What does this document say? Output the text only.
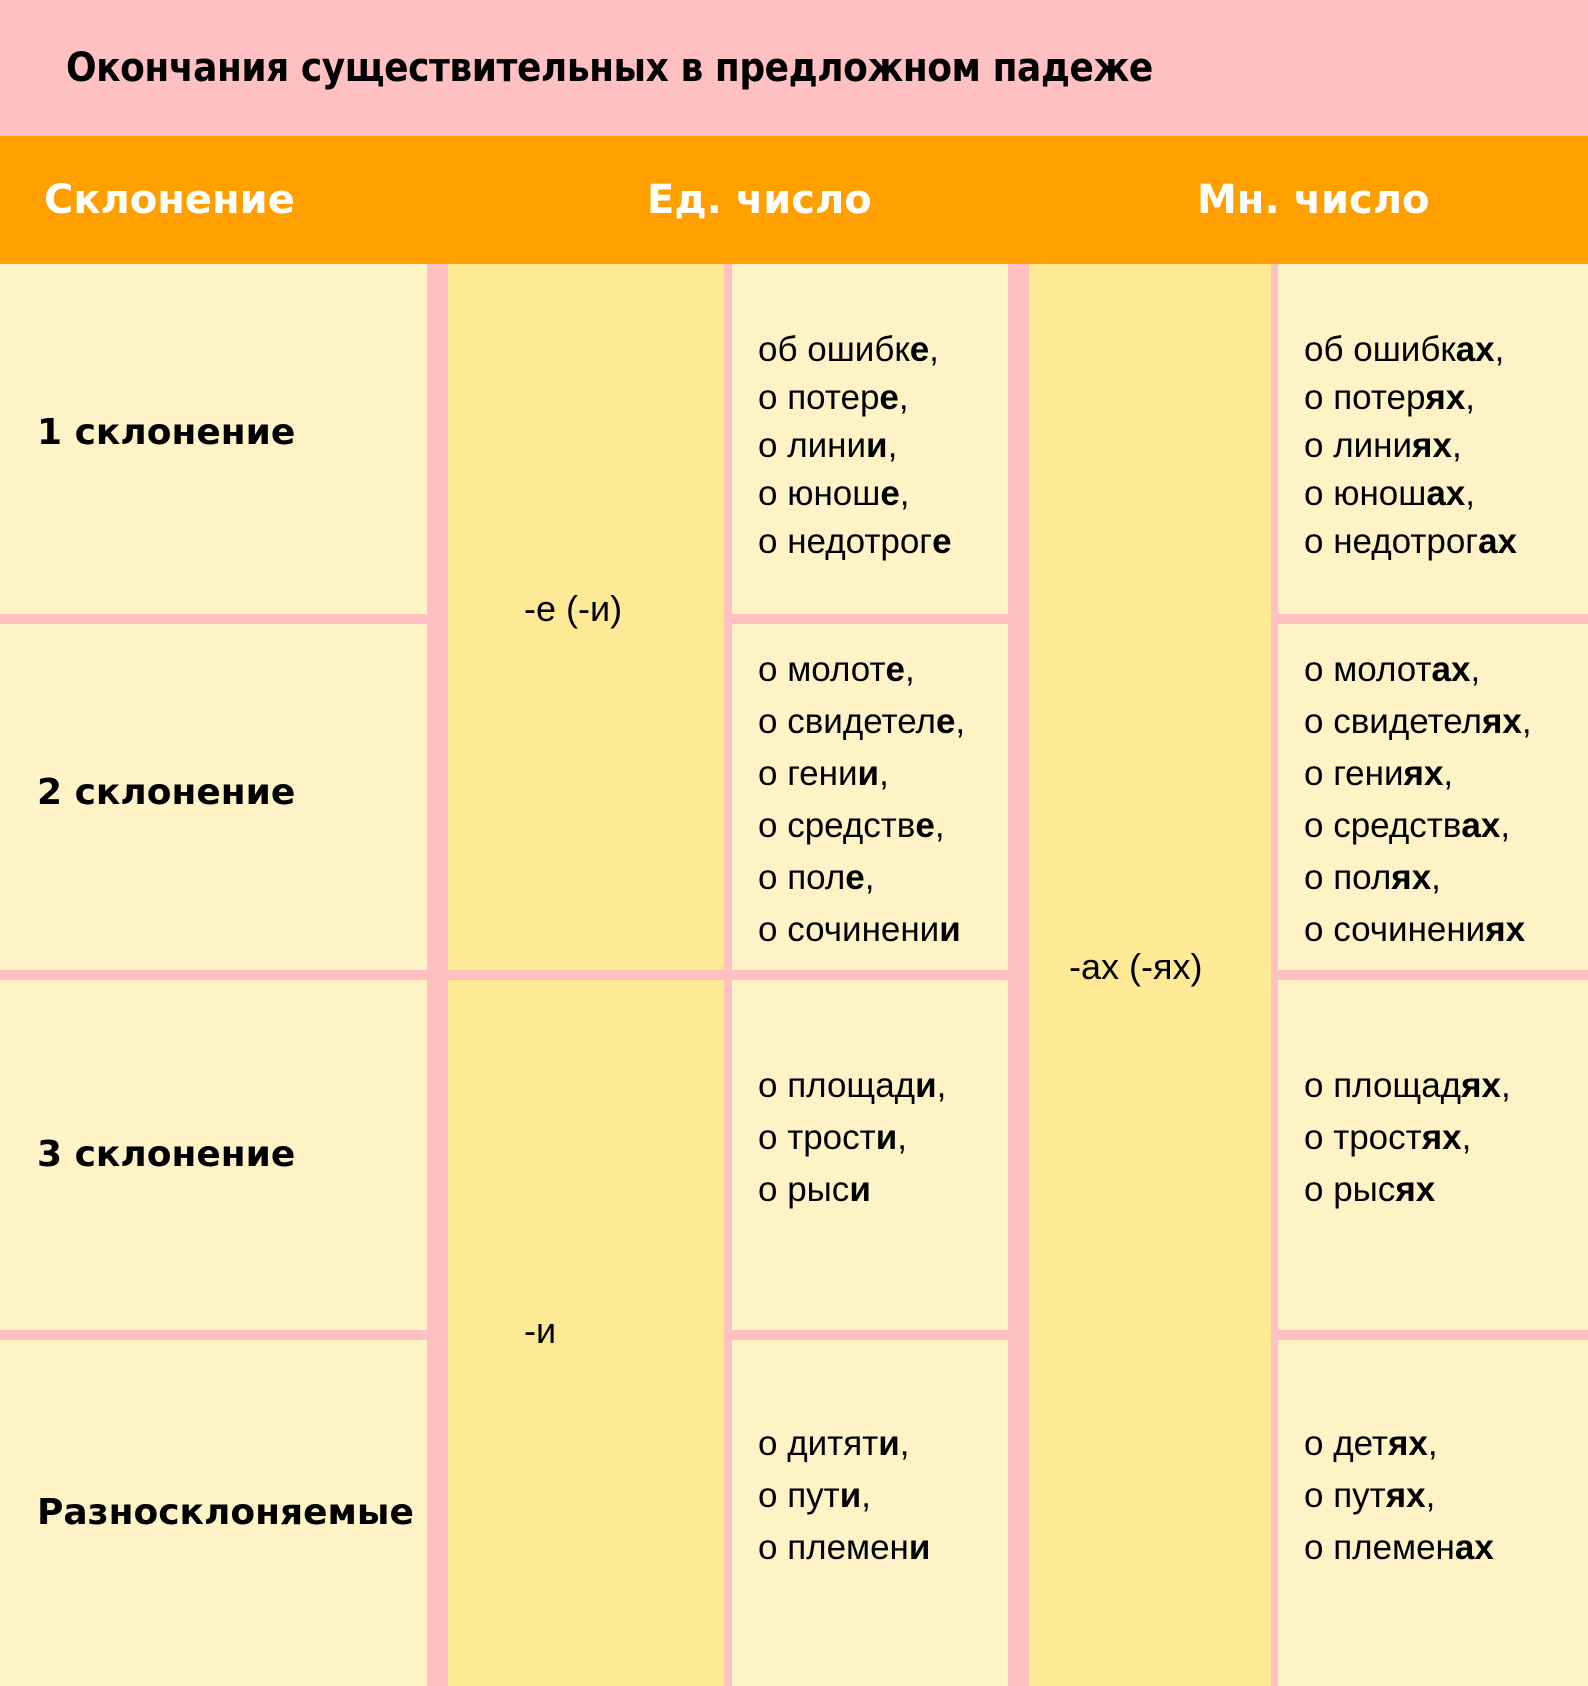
Окончания существительных в предложном падеже
Склонение	Ед. число	Мн. число
1 склонение
2 склонение
3 склонение
Разносклоняемые
-е (-и)
-и
об ошибке,
о потере,
о линии,
о юноше,
о недотроге
о молоте,
о свидетеле,
о гении,
о средстве,
о поле,
о сочинении
о площади,
о трости,
о рыси
о дитяти,
о пути,
о племени
-ах (-ях)
об ошибках,
о потерях,
о линиях,
о юношах,
о недотрогах
о молотах,
о свидетелях,
о гениях,
о средствах,
о полях,
о сочинениях
о площадях,
о тростях,
о рысях
о детях,
о путях,
о племенах
